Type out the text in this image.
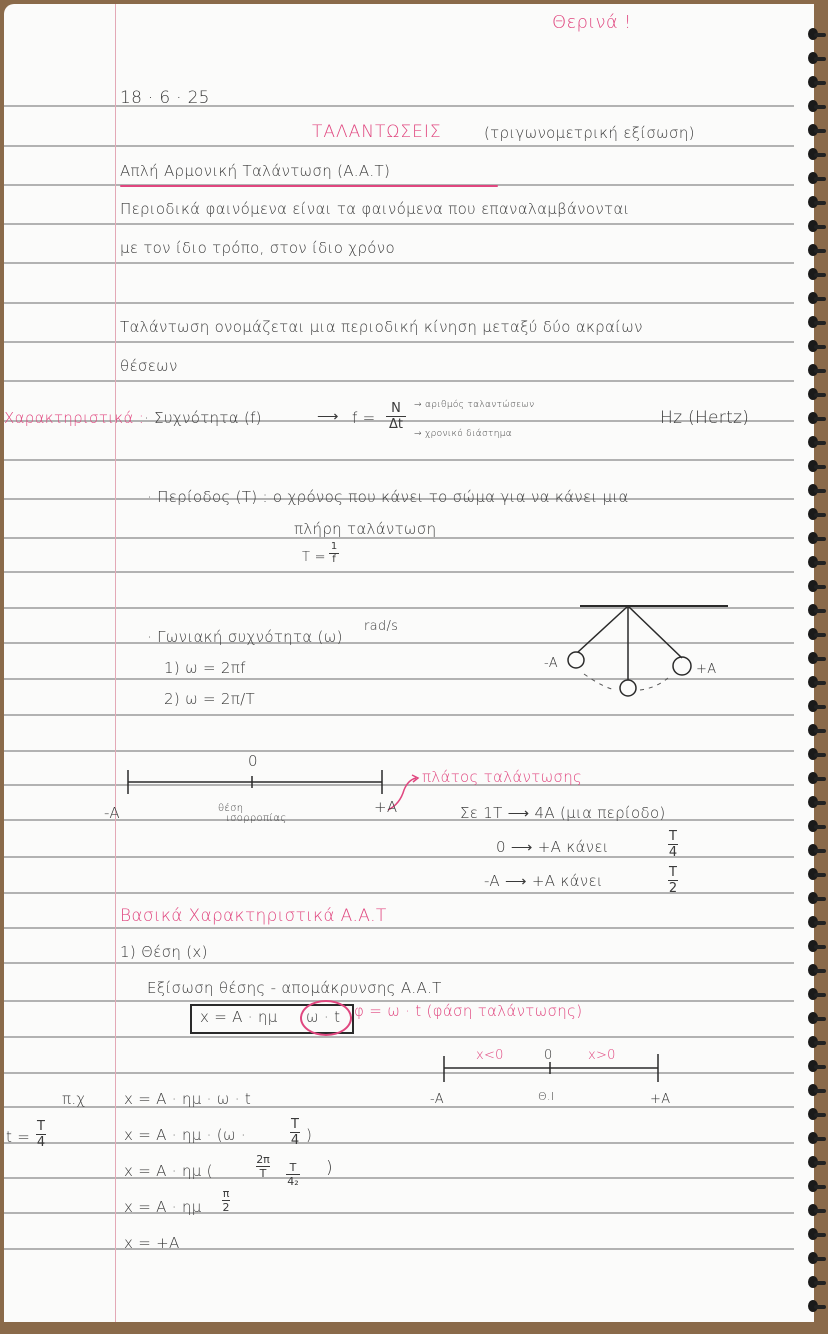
Θερινά !
18 · 6 · 25
ΤΑΛΑΝΤΩΣΕΙΣ	(τριγωνομετρική εξίσωση)
Απλή Αρμονική Ταλάντωση (Α.Α.Τ)
Περιοδικά φαινόμενα είναι τα φαινόμενα που επαναλαμβάνονται
με τον ίδιο τρόπο, στον ίδιο χρόνο
Ταλάντωση ονομάζεται μια περιοδική κίνηση μεταξύ δύο ακραίων
θέσεων
Χαρακτηριστικά : · Συχνότητα (f)	⟶ f =
N
Δt
→ αριθμός ταλαντώσεων
→ χρονικό διάστημα
Hz (Hertz)
· Περίοδος (T) : ο χρόνος που κάνει το σώμα για να κάνει μια
πλήρη ταλάντωση
T =
1
f
· Γωνιακή συχνότητα (ω)
rad/s
1) ω = 2πf
2) ω = 2π/T
-A	+A
0
-A	+A
θέση
ισορροπίας
πλάτος ταλάντωσης
Σε 1T ⟶ 4A (μια περίοδο)
0 ⟶ +A κάνει
T
4
-A ⟶ +A κάνει	T
2
Βασικά Χαρακτηριστικά Α.Α.Τ
1) Θέση (x)
Εξίσωση θέσης - απομάκρυνσης Α.Α.Τ
x = A · ημ ω · t φ = ω · t (φάση ταλάντωσης)
x<0	0	x>0
-A	Θ.Ι	+A
π.χ
t =
T
4
x = A · ημ · ω · t
x = A · ημ · (ω ·
T
4 )
x = A · ημ (
2π
T T
4₂
)
x = A · ημ
π
2
x = +A
